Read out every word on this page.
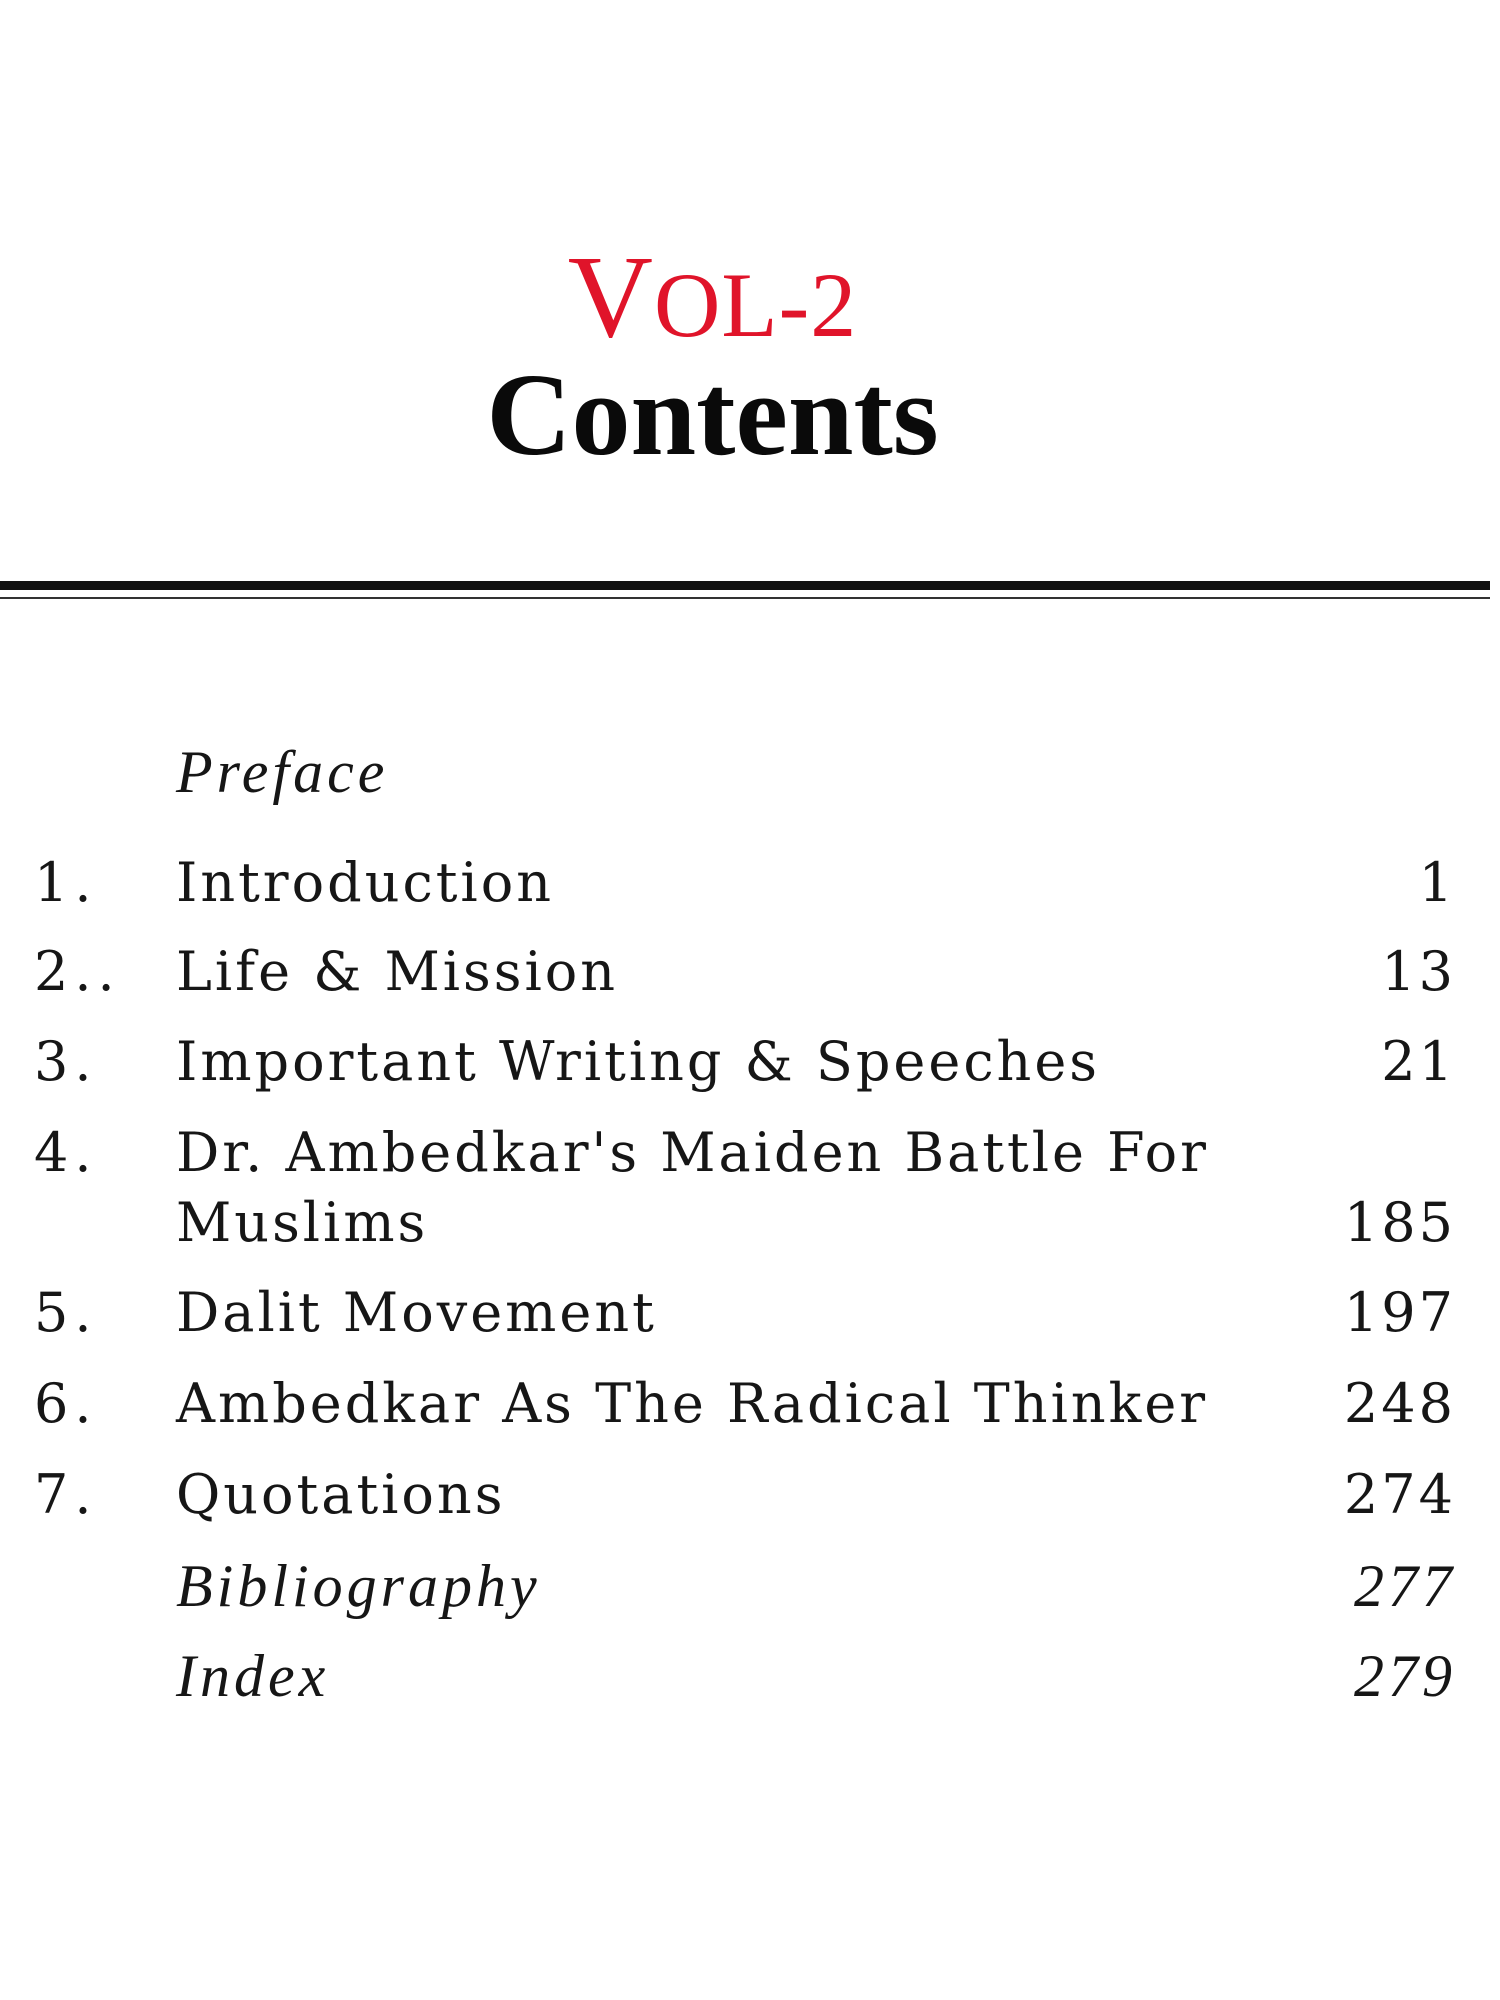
VOL-2
Contents
Preface
1. Introduction	1
2.. Life & Mission	13
3. Important Writing & Speeches	21
4. Dr. Ambedkar's Maiden Battle For
Muslims	185
5. Dalit Movement	197
6. Ambedkar As The Radical Thinker	248
7. Quotations	274
Bibliography	277
Index	279
